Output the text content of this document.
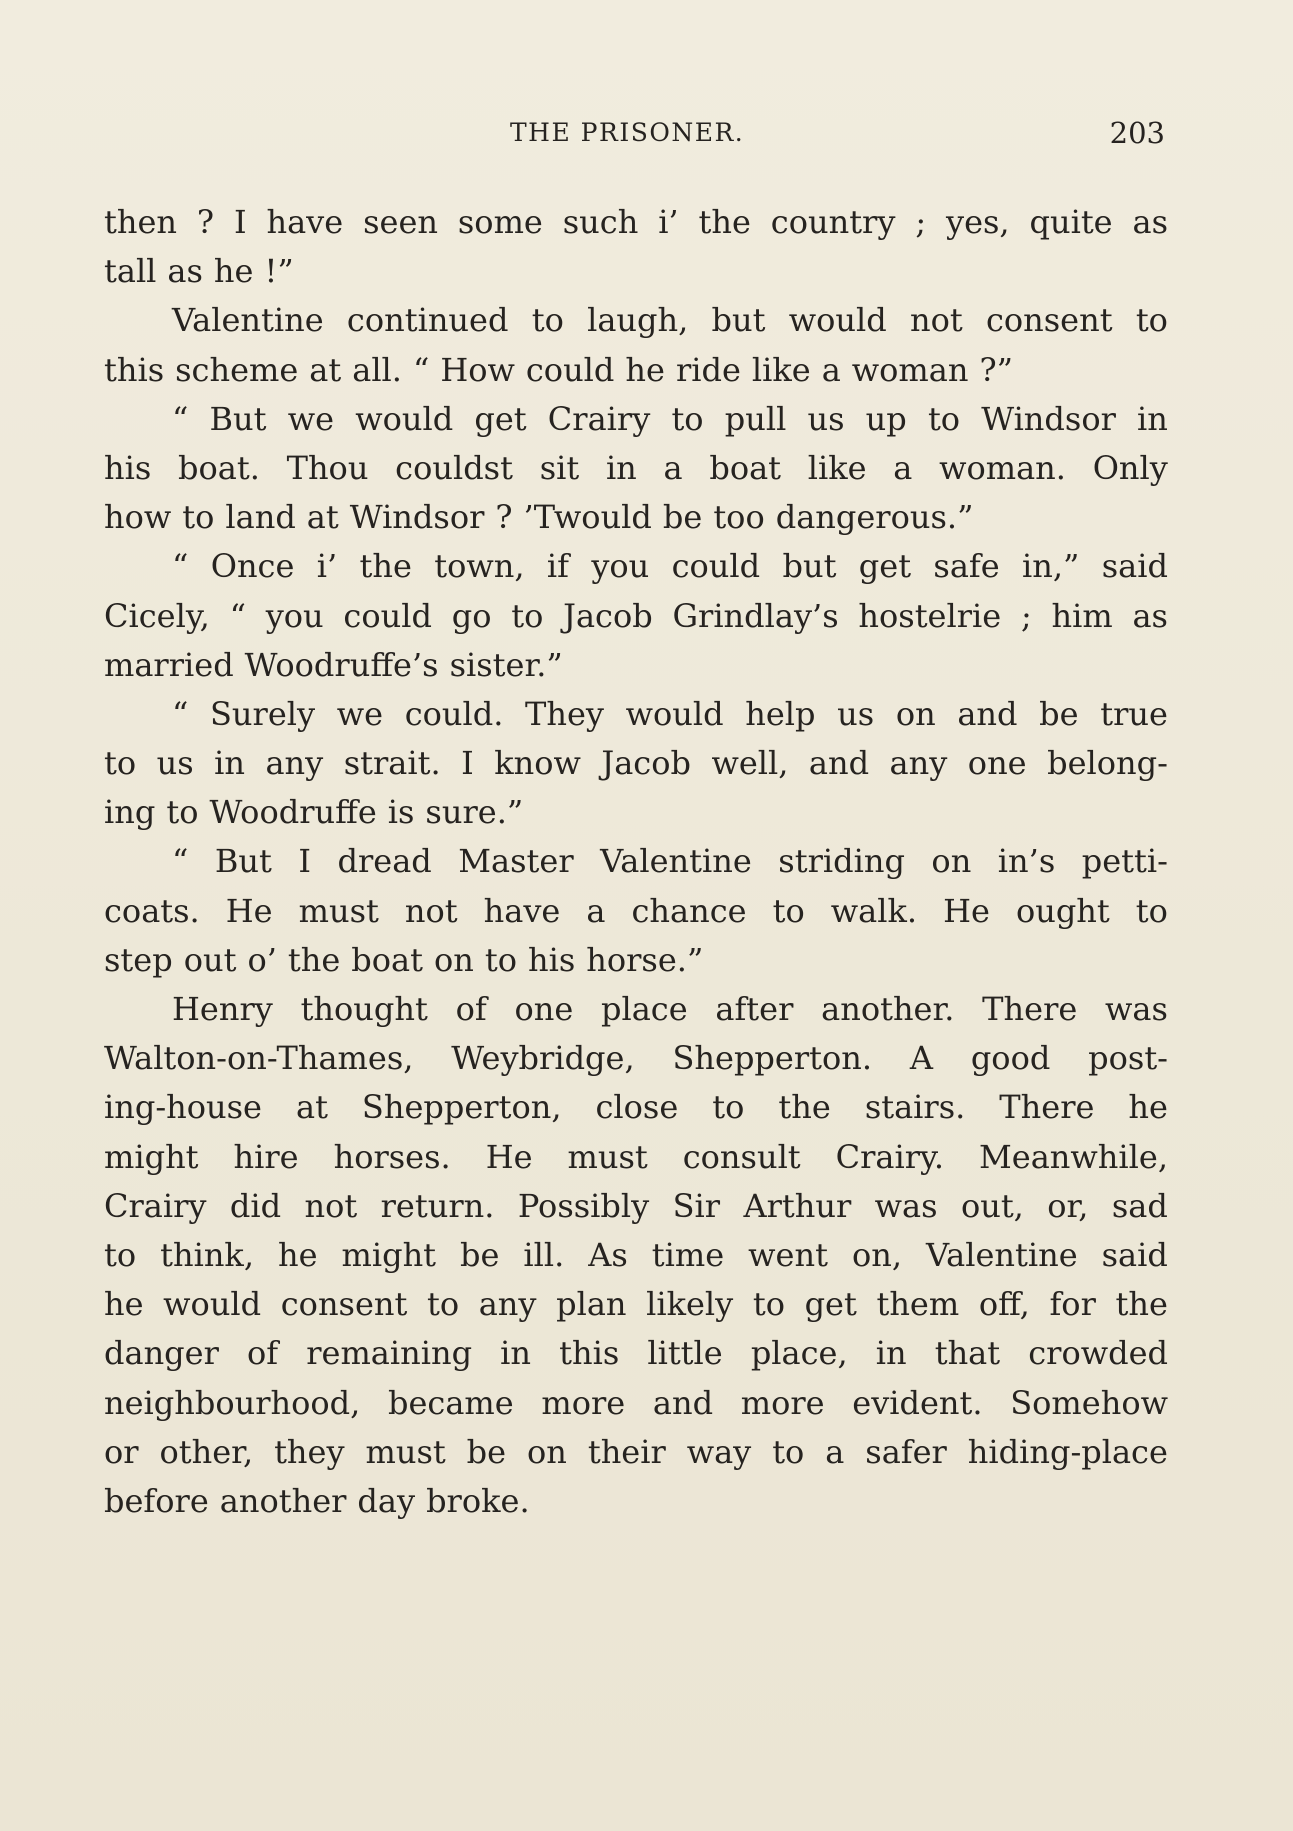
THE PRISONER.	203
then ? I have seen some such i’ the country ; yes, quite as
tall as he !”
Valentine continued to laugh, but would not consent to
this scheme at all. “ How could he ride like a woman ?”
“ But we would get Crairy to pull us up to Windsor in
his boat. Thou couldst sit in a boat like a woman. Only
how to land at Windsor ? ’Twould be too dangerous.”
“ Once i’ the town, if you could but get safe in,” said
Cicely, “ you could go to Jacob Grindlay’s hostelrie ; him as
married Woodruffe’s sister.”
“ Surely we could. They would help us on and be true
to us in any strait. I know Jacob well, and any one belong-
ing to Woodruffe is sure.”
“ But I dread Master Valentine striding on in’s petti-
coats. He must not have a chance to walk. He ought to
step out o’ the boat on to his horse.”
Henry thought of one place after another. There was
Walton-on-Thames, Weybridge, Shepperton. A good post-
ing-house at Shepperton, close to the stairs. There he
might hire horses. He must consult Crairy. Meanwhile,
Crairy did not return. Possibly Sir Arthur was out, or, sad
to think, he might be ill. As time went on, Valentine said
he would consent to any plan likely to get them off, for the
danger of remaining in this little place, in that crowded
neighbourhood, became more and more evident. Somehow
or other, they must be on their way to a safer hiding-place
before another day broke.
